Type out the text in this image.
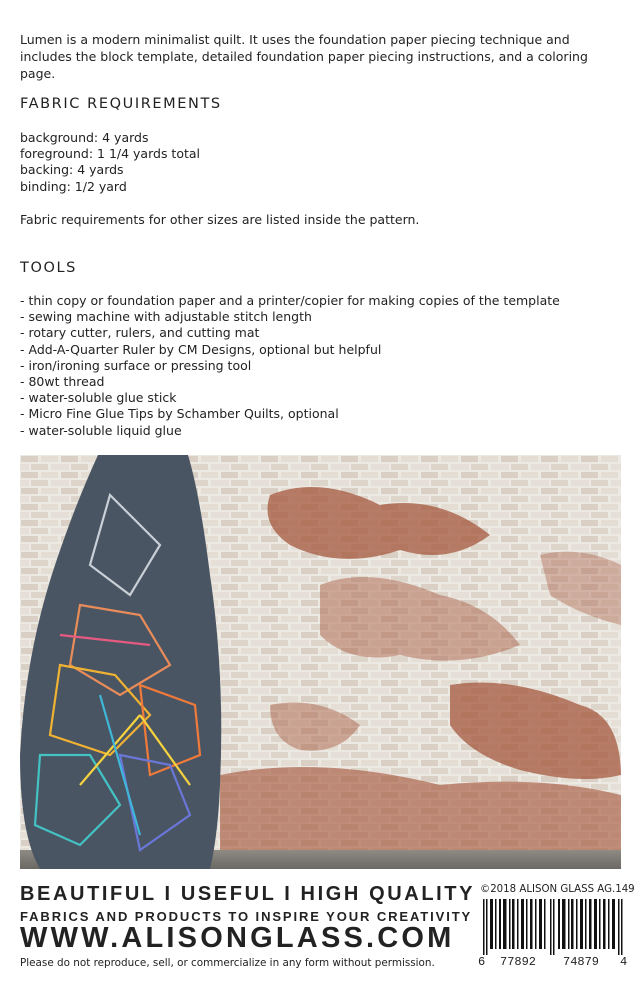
Lumen is a modern minimalist quilt. It uses the foundation paper piecing technique and includes the block template, detailed foundation paper piecing instructions, and a coloring page.

FABRIC REQUIREMENTS
background: 4 yards
foreground: 1 1/4 yards total
backing: 4 yards
binding: 1/2 yard

Fabric requirements for other sizes are listed inside the pattern.

TOOLS
- thin copy or foundation paper and a printer/copier for making copies of the template
- sewing machine with adjustable stitch length
- rotary cutter, rulers, and cutting mat
- Add-A-Quarter Ruler by CM Designs, optional but helpful
- iron/ironing surface or pressing tool
- 80wt thread
- water-soluble glue stick
- Micro Fine Glue Tips by Schamber Quilts, optional
- water-soluble liquid glue

BEAUTIFUL I USEFUL I HIGH QUALITY

FABRICS AND PRODUCTS TO INSPIRE YOUR CREATIVITY

WWW.ALISONGLASS.COM

Please do not reproduce, sell, or commercialize in any form without permission.

©2018 ALISON GLASS AG.149

6 77892 74879 4
